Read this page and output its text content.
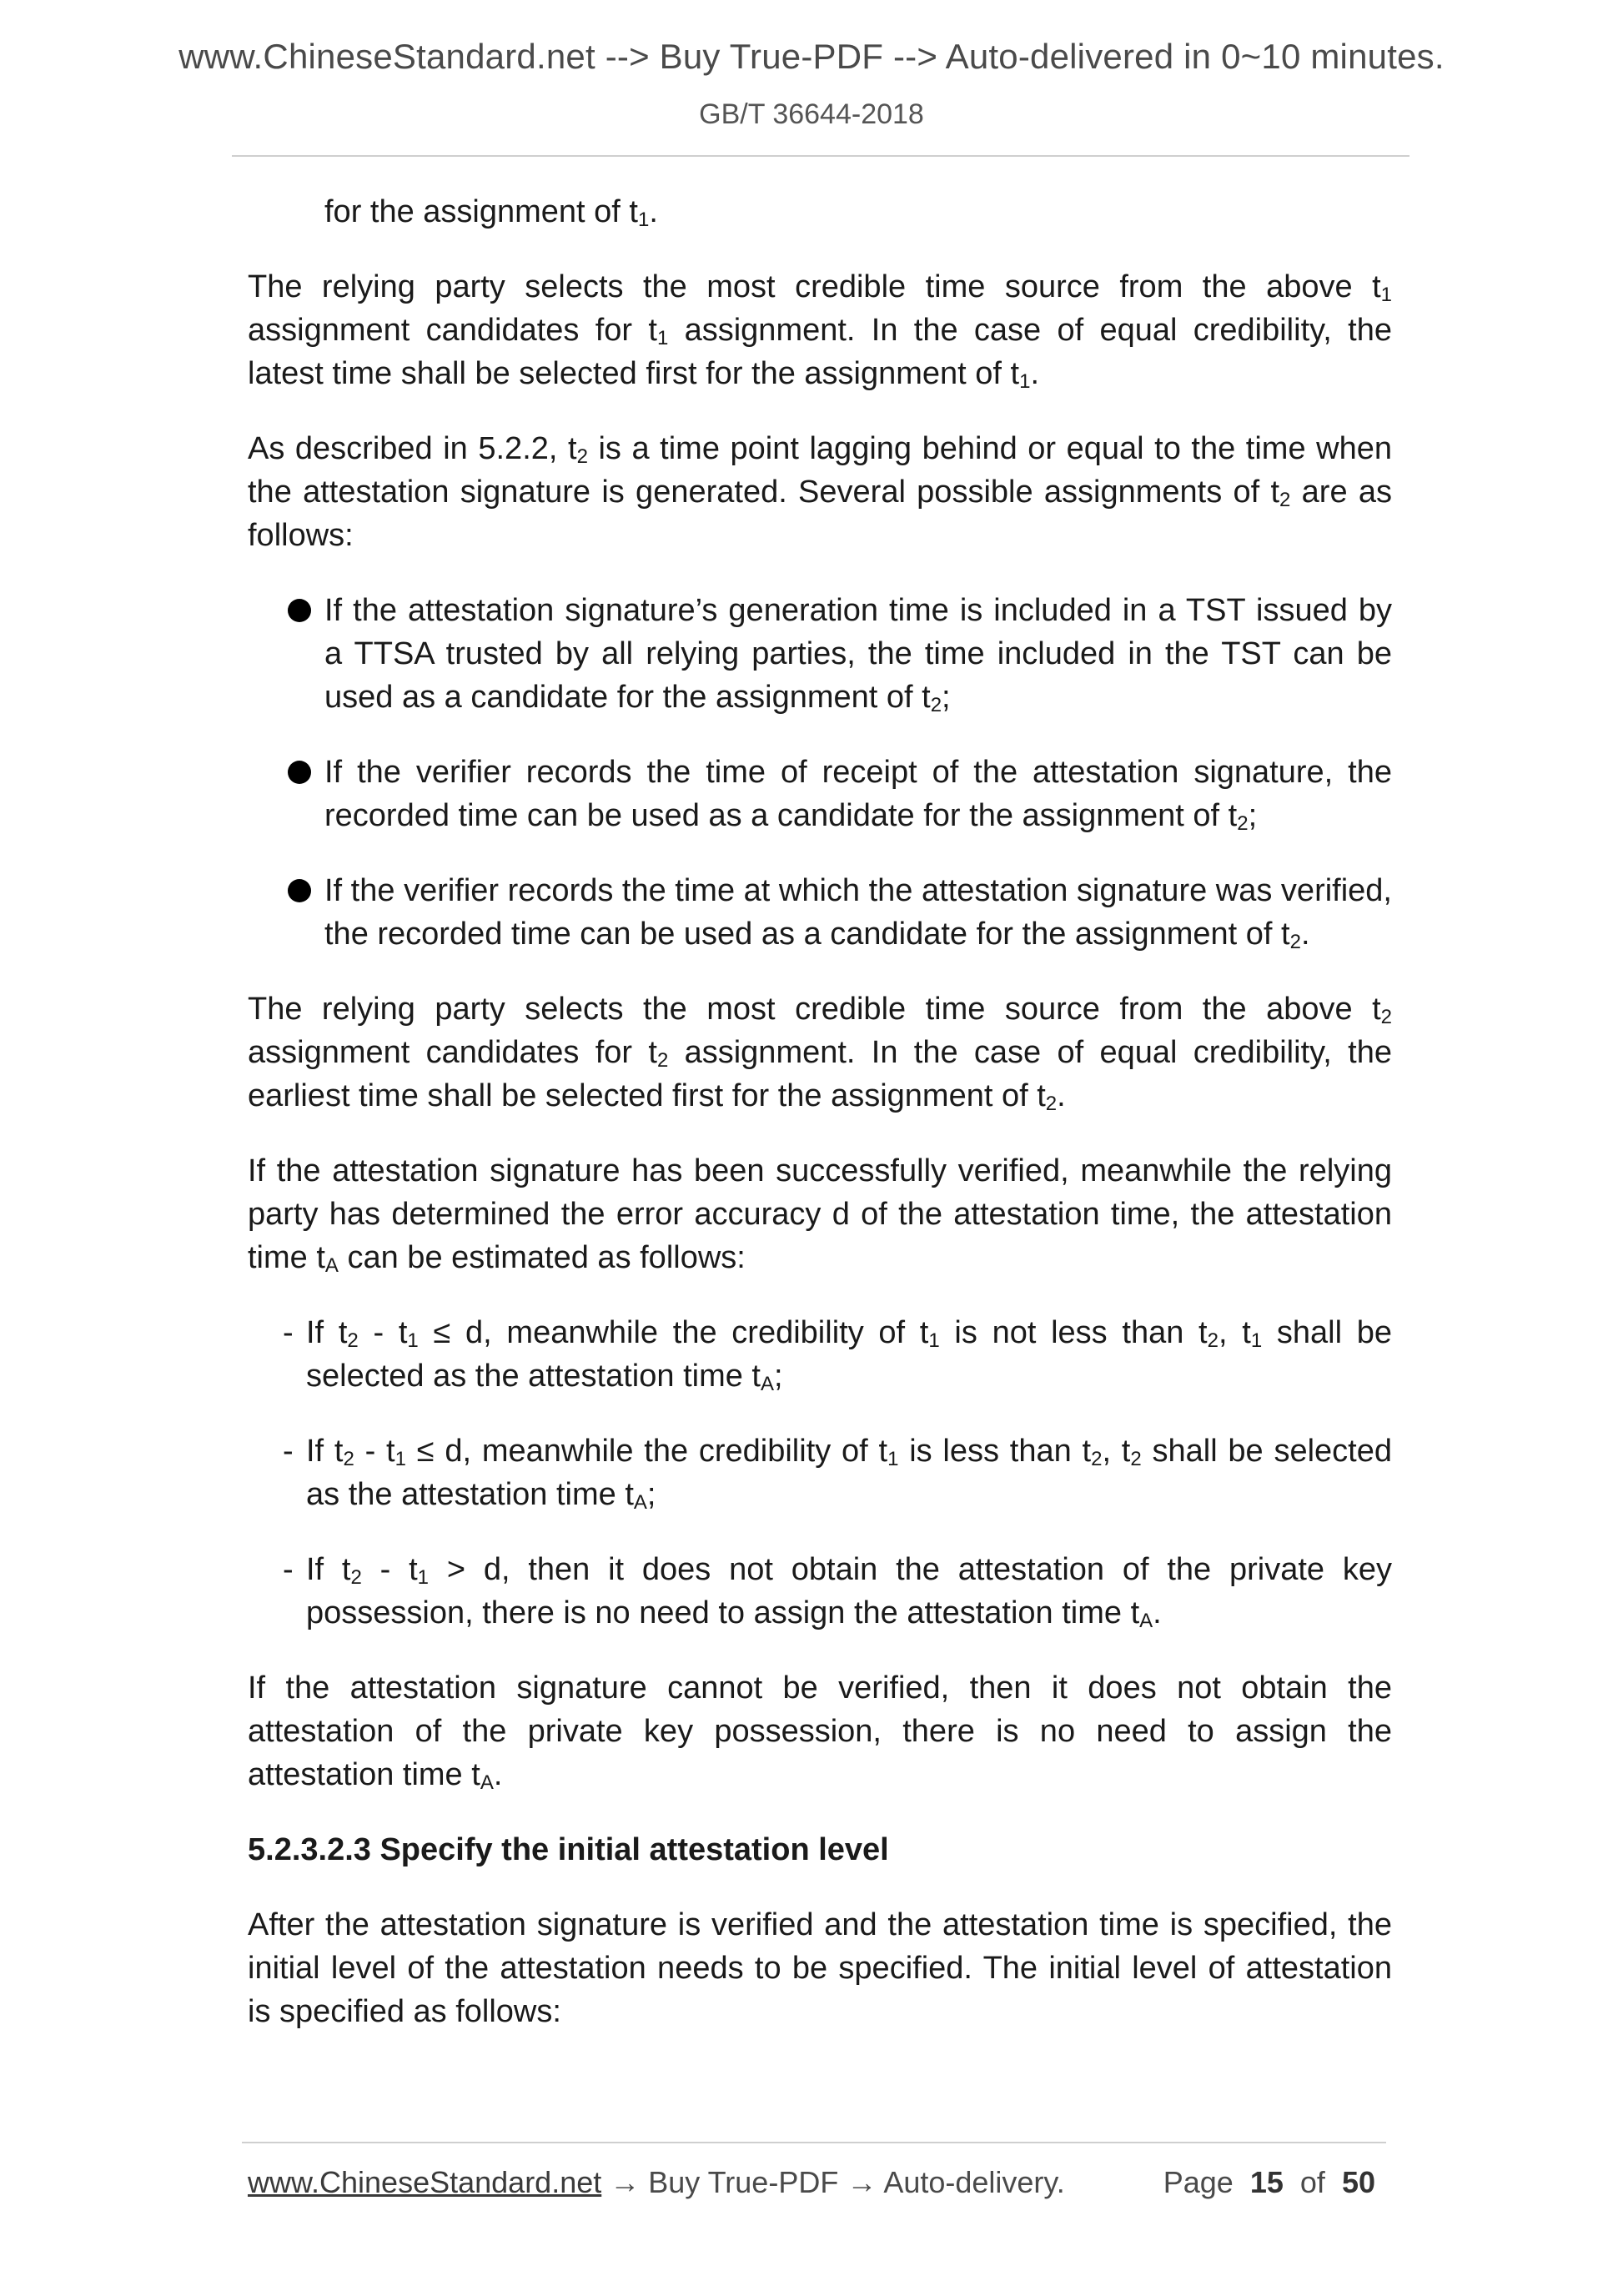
www.ChineseStandard.net --> Buy True-PDF --> Auto-delivered in 0~10 minutes.
GB/T 36644-2018

for the assignment of $t_1$.

The relying party selects the most credible time source from the above $t_1$ assignment candidates for $t_1$ assignment. In the case of equal credibility, the latest time shall be selected first for the assignment of $t_1$.

As described in 5.2.2, $t_2$ is a time point lagging behind or equal to the time when the attestation signature is generated. Several possible assignments of $t_2$ are as follows:

If the attestation signature’s generation time is included in a TST issued by a TTSA trusted by all relying parties, the time included in the TST can be used as a candidate for the assignment of $t_2$;
If the verifier records the time of receipt of the attestation signature, the recorded time can be used as a candidate for the assignment of $t_2$;
If the verifier records the time at which the attestation signature was verified, the recorded time can be used as a candidate for the assignment of $t_2$.

The relying party selects the most credible time source from the above $t_2$ assignment candidates for $t_2$ assignment. In the case of equal credibility, the earliest time shall be selected first for the assignment of $t_2$.

If the attestation signature has been successfully verified, meanwhile the relying party has determined the error accuracy d of the attestation time, the attestation time $t_A$ can be estimated as follows:

- If $t_2 - t_1 \le d$, meanwhile the credibility of $t_1$ is not less than $t_2$, $t_1$ shall be selected as the attestation time $t_A$;
- If $t_2 - t_1 \le d$, meanwhile the credibility of $t_1$ is less than $t_2$, $t_2$ shall be selected as the attestation time $t_A$;
- If $t_2 - t_1 > d$, then it does not obtain the attestation of the private key possession, there is no need to assign the attestation time $t_A$.

If the attestation signature cannot be verified, then it does not obtain the attestation of the private key possession, there is no need to assign the attestation time $t_A$.

5.2.3.2.3 Specify the initial attestation level

After the attestation signature is verified and the attestation time is specified, the initial level of the attestation needs to be specified. The initial level of attestation is specified as follows:

www.ChineseStandard.net → Buy True-PDF → Auto-delivery.	Page 15 of 50
